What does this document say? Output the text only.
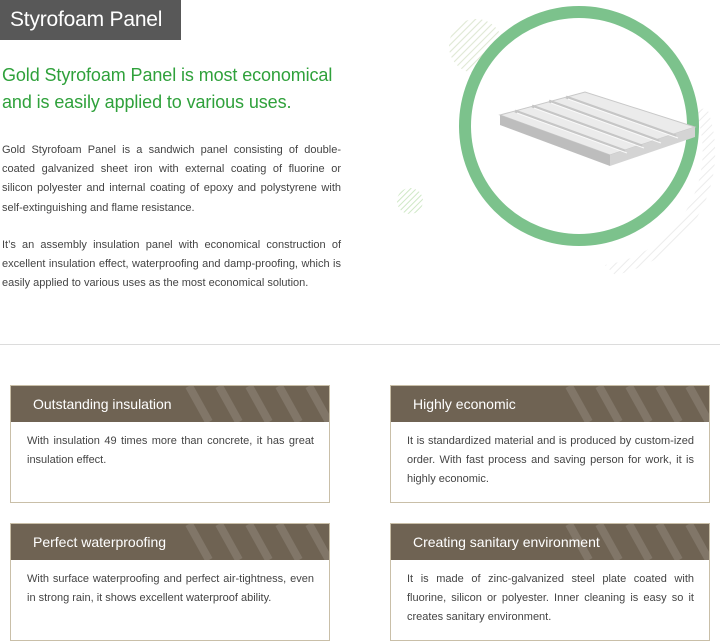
Styrofoam Panel
Gold Styrofoam Panel is most economical
and is easily applied to various uses.

Gold Styrofoam Panel is a sandwich panel consisting of double-coated galvanized sheet iron with external coating of fluorine or silicon polyester and internal coating of epoxy and polystyrene with self-extinguishing and flame resistance.

It’s an assembly insulation panel with economical construction of excellent insulation effect, waterproofing and damp-proofing, which is easily applied to various uses as the most economical solution.

Outstanding insulation
With insulation 49 times more than concrete, it has great insulation effect.
Highly economic
It is standardized material and is produced by custom-ized order. With fast process and saving person for work, it is highly economic.
Perfect waterproofing
With surface waterproofing and perfect air-tightness, even in strong rain, it shows excellent waterproof ability.
Creating sanitary environment
It is made of zinc-galvanized steel plate coated with fluorine, silicon or polyester. Inner cleaning is easy so it creates sanitary environment.
